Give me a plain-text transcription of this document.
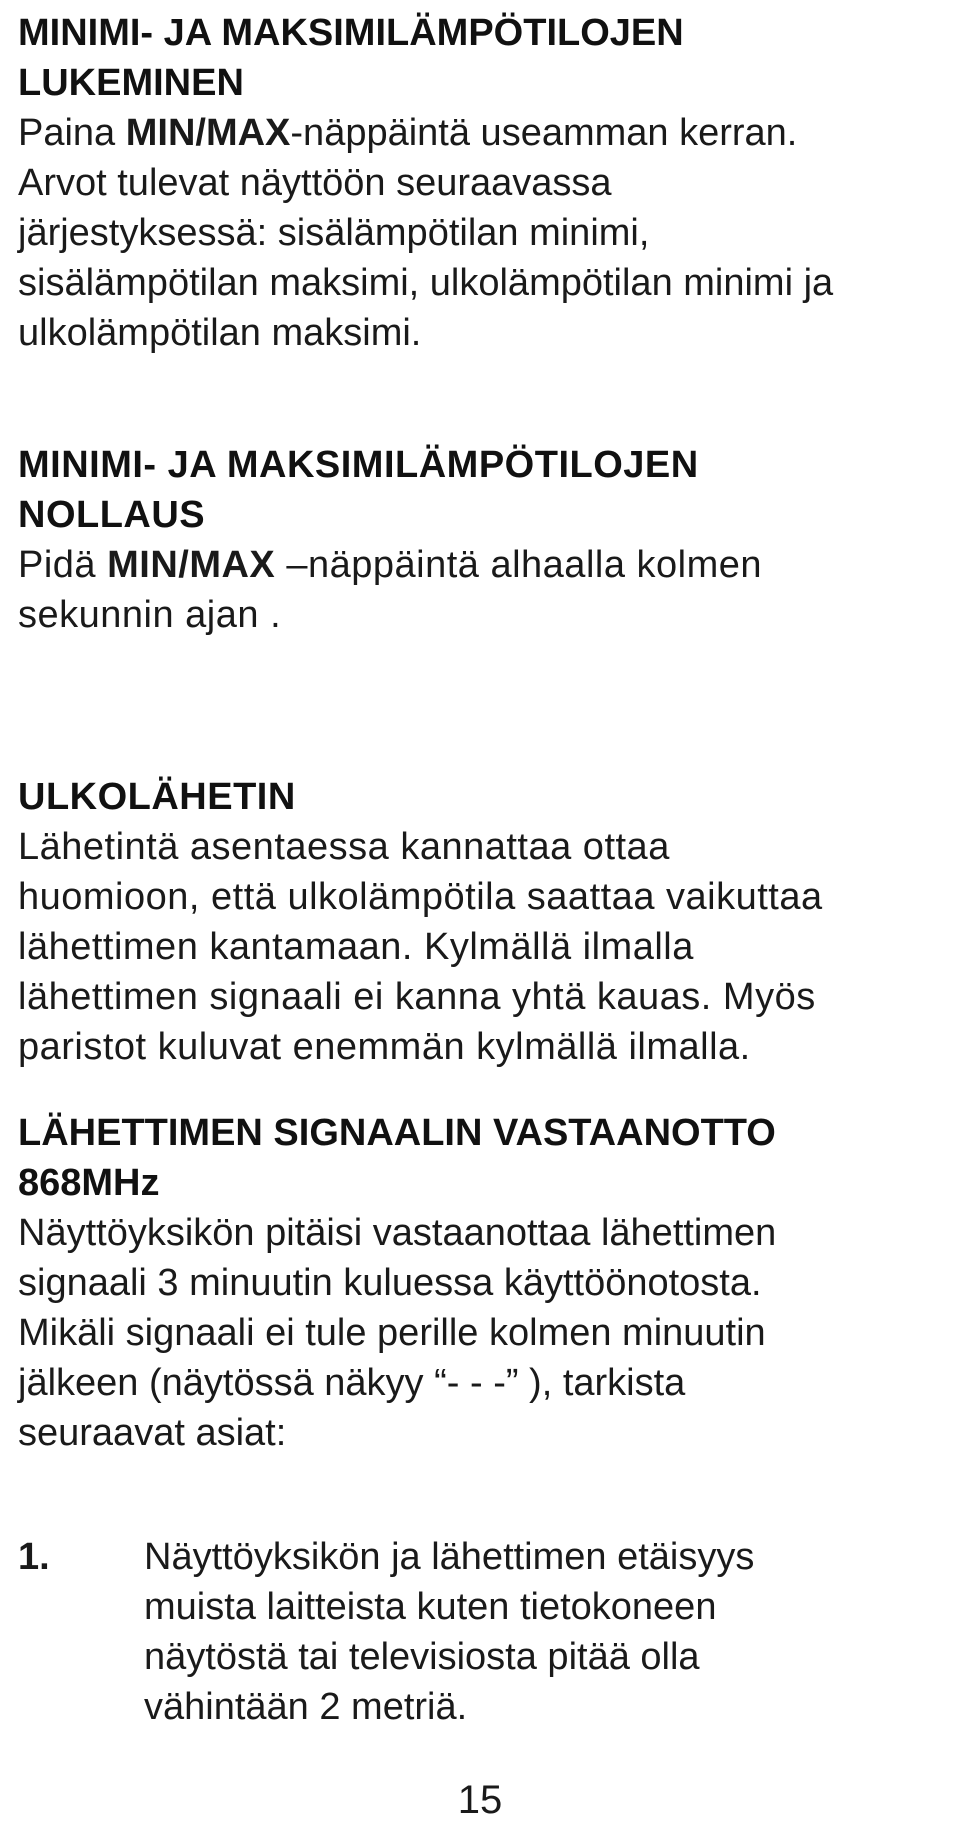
MINIMI- JA MAKSIMILÄMPÖTILOJEN
LUKEMINEN
Paina MIN/MAX-näppäintä useamman kerran.
Arvot tulevat näyttöön seuraavassa
järjestyksessä: sisälämpötilan minimi,
sisälämpötilan maksimi, ulkolämpötilan minimi ja
ulkolämpötilan maksimi.
MINIMI- JA MAKSIMILÄMPÖTILOJEN
NOLLAUS
Pidä MIN/MAX –näppäintä alhaalla kolmen
sekunnin ajan .
ULKOLÄHETIN
Lähetintä asentaessa kannattaa ottaa
huomioon, että ulkolämpötila saattaa vaikuttaa
lähettimen kantamaan. Kylmällä ilmalla
lähettimen signaali ei kanna yhtä kauas. Myös
paristot kuluvat enemmän kylmällä ilmalla.
LÄHETTIMEN SIGNAALIN VASTAANOTTO
868MHz
Näyttöyksikön pitäisi vastaanottaa lähettimen
signaali 3 minuutin kuluessa käyttöönotosta.
Mikäli signaali ei tule perille kolmen minuutin
jälkeen (näytössä näkyy “- - -” ), tarkista
seuraavat asiat:
1.	Näyttöyksikön ja lähettimen etäisyys
muista laitteista kuten tietokoneen
näytöstä tai televisiosta pitää olla
vähintään 2 metriä.
15
